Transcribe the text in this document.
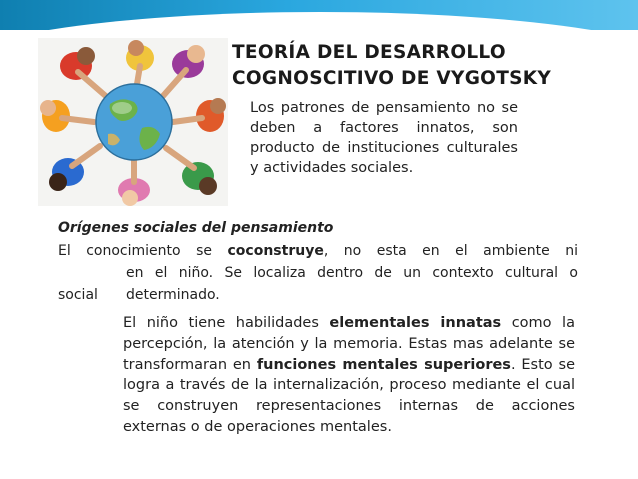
TEORÍA DEL DESARROLLO
COGNOSCITIVO DE VYGOTSKY
Los patrones de pensamiento no se deben a factores innatos, son producto de instituciones culturales y actividades sociales.
Orígenes sociales del pensamiento
El conocimiento se coconstruye, no esta en el ambiente ni
en el niño. Se localiza dentro de un contexto cultural o
social determinado.
El niño tiene habilidades elementales innatas como la percepción, la atención y la memoria. Estas mas adelante se transformaran en funciones mentales superiores. Esto se logra a través de la internalización, proceso mediante el cual se construyen representaciones internas de acciones externas o de operaciones mentales.
